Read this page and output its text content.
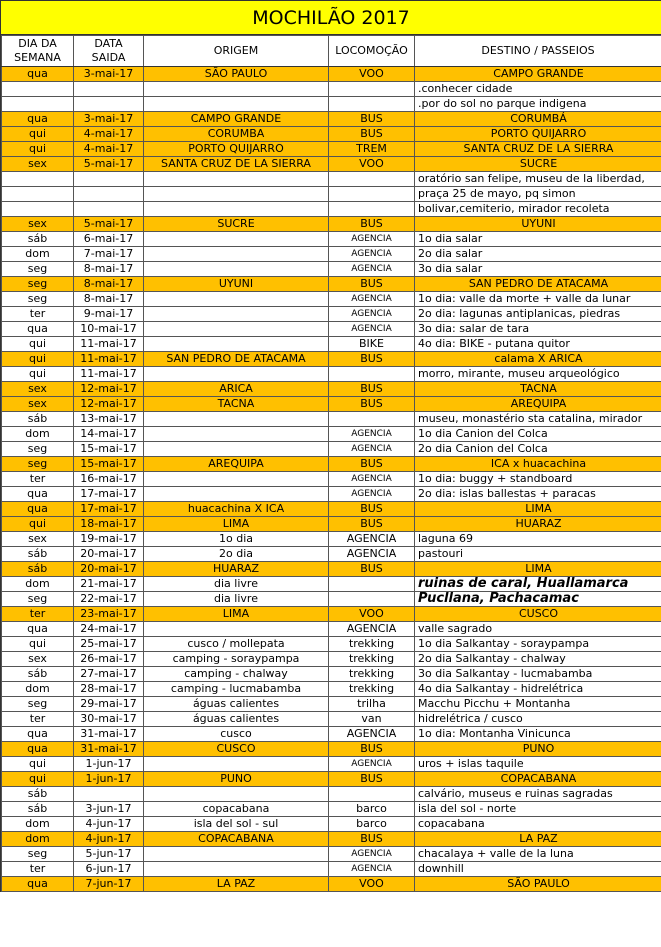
MOCHILÃO 2017
DIA DA SEMANA	DATA SAIDA	ORIGEM	LOCOMOÇÃO	DESTINO / PASSEIOS
qua	3-mai-17	SÃO PAULO	VOO	CAMPO GRANDE
				.conhecer cidade
				.por do sol no parque indigena
qua	3-mai-17	CAMPO GRANDE	BUS	CORUMBÁ
qui	4-mai-17	CORUMBA	BUS	PORTO QUIJARRO
qui	4-mai-17	PORTO QUIJARRO	TREM	SANTA CRUZ DE LA SIERRA
sex	5-mai-17	SANTA CRUZ DE LA SIERRA	VOO	SUCRE
				oratório san felipe, museu de la liberdad,
				praça 25 de mayo, pq simon
				bolivar,cemiterio, mirador recoleta
sex	5-mai-17	SUCRE	BUS	UYUNI
sáb	6-mai-17		AGENCIA	1o dia salar
dom	7-mai-17		AGENCIA	2o dia salar
seg	8-mai-17		AGENCIA	3o dia salar
seg	8-mai-17	UYUNI	BUS	SAN PEDRO DE ATACAMA
seg	8-mai-17		AGENCIA	1o dia: valle da morte + valle da lunar
ter	9-mai-17		AGENCIA	2o dia: lagunas antiplanicas, piedras
qua	10-mai-17		AGENCIA	3o dia: salar de tara
qui	11-mai-17		BIKE	4o dia: BIKE - putana quitor
qui	11-mai-17	SAN PEDRO DE ATACAMA	BUS	calama X ARICA
qui	11-mai-17			morro, mirante, museu arqueológico
sex	12-mai-17	ARICA	BUS	TACNA
sex	12-mai-17	TACNA	BUS	AREQUIPA
sáb	13-mai-17			museu, monastério sta catalina, mirador
dom	14-mai-17		AGENCIA	1o dia Canion del Colca
seg	15-mai-17		AGENCIA	2o dia Canion del Colca
seg	15-mai-17	AREQUIPA	BUS	ICA x huacachina
ter	16-mai-17		AGENCIA	1o dia: buggy + standboard
qua	17-mai-17		AGENCIA	2o dia: islas ballestas + paracas
qua	17-mai-17	huacachina X ICA	BUS	LIMA
qui	18-mai-17	LIMA	BUS	HUARAZ
sex	19-mai-17	1o dia	AGENCIA	laguna 69
sáb	20-mai-17	2o dia	AGENCIA	pastouri
sáb	20-mai-17	HUARAZ	BUS	LIMA
dom	21-mai-17	dia livre		ruinas de caral, Huallamarca
seg	22-mai-17	dia livre		Pucllana, Pachacamac
ter	23-mai-17	LIMA	VOO	CUSCO
qua	24-mai-17		AGENCIA	valle sagrado
qui	25-mai-17	cusco / mollepata	trekking	1o dia Salkantay - soraypampa
sex	26-mai-17	camping - soraypampa	trekking	2o dia Salkantay - chalway
sáb	27-mai-17	camping - chalway	trekking	3o dia Salkantay - lucmabamba
dom	28-mai-17	camping - lucmabamba	trekking	4o dia Salkantay - hidrelétrica
seg	29-mai-17	águas calientes	trilha	Macchu Picchu + Montanha
ter	30-mai-17	águas calientes	van	hidrelétrica / cusco
qua	31-mai-17	cusco	AGENCIA	1o dia: Montanha Vinicunca
qua	31-mai-17	CUSCO	BUS	PUNO
qui	1-jun-17		AGENCIA	uros + islas taquile
qui	1-jun-17	PUNO	BUS	COPACABANA
sáb				calvário, museus e ruinas sagradas
sáb	3-jun-17	copacabana	barco	isla del sol - norte
dom	4-jun-17	isla del sol - sul	barco	copacabana
dom	4-jun-17	COPACABANA	BUS	LA PAZ
seg	5-jun-17		AGENCIA	chacalaya + valle de la luna
ter	6-jun-17		AGENCIA	downhill
qua	7-jun-17	LA PAZ	VOO	SÃO PAULO
